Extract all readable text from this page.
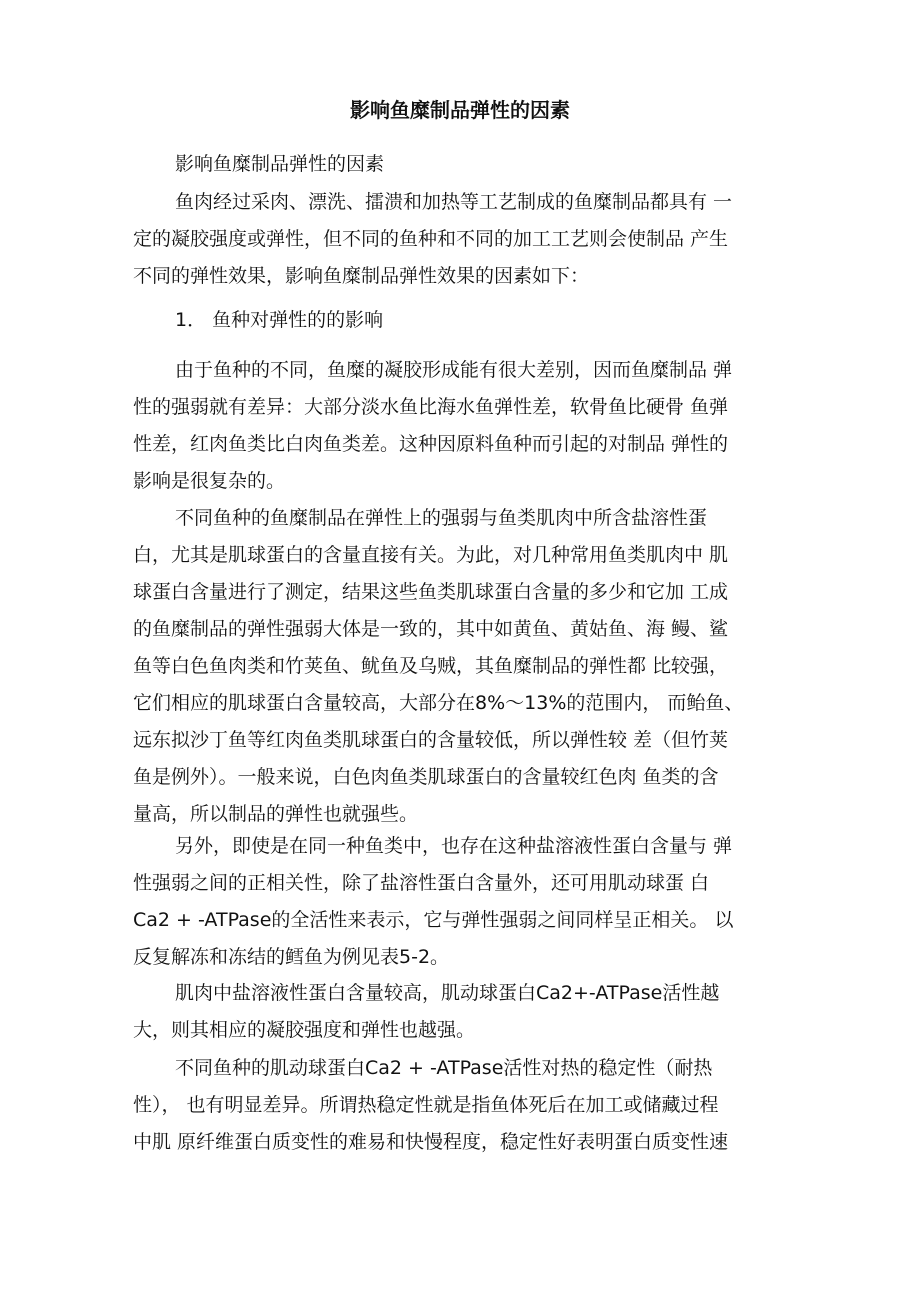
影响鱼糜制品弹性的因素
影响鱼糜制品弹性的因素
鱼肉经过采肉、漂洗、擂溃和加热等工艺制成的鱼糜制品都具有 一
定的凝胶强度或弹性，但不同的鱼种和不同的加工工艺则会使制品 产生
不同的弹性效果，影响鱼糜制品弹性效果的因素如下：
1． 鱼种对弹性的的影响
由于鱼种的不同，鱼糜的凝胶形成能有很大差别，因而鱼糜制品 弹
性的强弱就有差异：大部分淡水鱼比海水鱼弹性差，软骨鱼比硬骨 鱼弹
性差，红肉鱼类比白肉鱼类差。这种因原料鱼种而引起的对制品 弹性的
影响是很复杂的。
不同鱼种的鱼糜制品在弹性上的强弱与鱼类肌肉中所含盐溶性蛋
白，尤其是肌球蛋白的含量直接有关。为此，对几种常用鱼类肌肉中 肌
球蛋白含量进行了测定，结果这些鱼类肌球蛋白含量的多少和它加 工成
的鱼糜制品的弹性强弱大体是一致的，其中如黄鱼、黄姑鱼、海 鳗、鲨
鱼等白色鱼肉类和竹荚鱼、鱿鱼及乌贼，其鱼糜制品的弹性都 比较强，
它们相应的肌球蛋白含量较高，大部分在8%〜13%的范围内， 而鲐鱼、
远东拟沙丁鱼等红肉鱼类肌球蛋白的含量较低，所以弹性较 差（但竹荚
鱼是例外）。一般来说，白色肉鱼类肌球蛋白的含量较红色肉 鱼类的含
量高，所以制品的弹性也就强些。
另外，即使是在同一种鱼类中，也存在这种盐溶液性蛋白含量与 弹
性强弱之间的正相关性，除了盐溶性蛋白含量外，还可用肌动球蛋 白
Ca2 + -ATPase的全活性来表示，它与弹性强弱之间同样呈正相关。 以
反复解冻和冻结的鳕鱼为例见表5-2。
肌肉中盐溶液性蛋白含量较高，肌动球蛋白Ca2+-ATPase活性越
大，则其相应的凝胶强度和弹性也越强。
不同鱼种的肌动球蛋白Ca2 + -ATPase活性对热的稳定性（耐热
性）， 也有明显差异。所谓热稳定性就是指鱼体死后在加工或储藏过程
中肌 原纤维蛋白质变性的难易和快慢程度，稳定性好表明蛋白质变性速
